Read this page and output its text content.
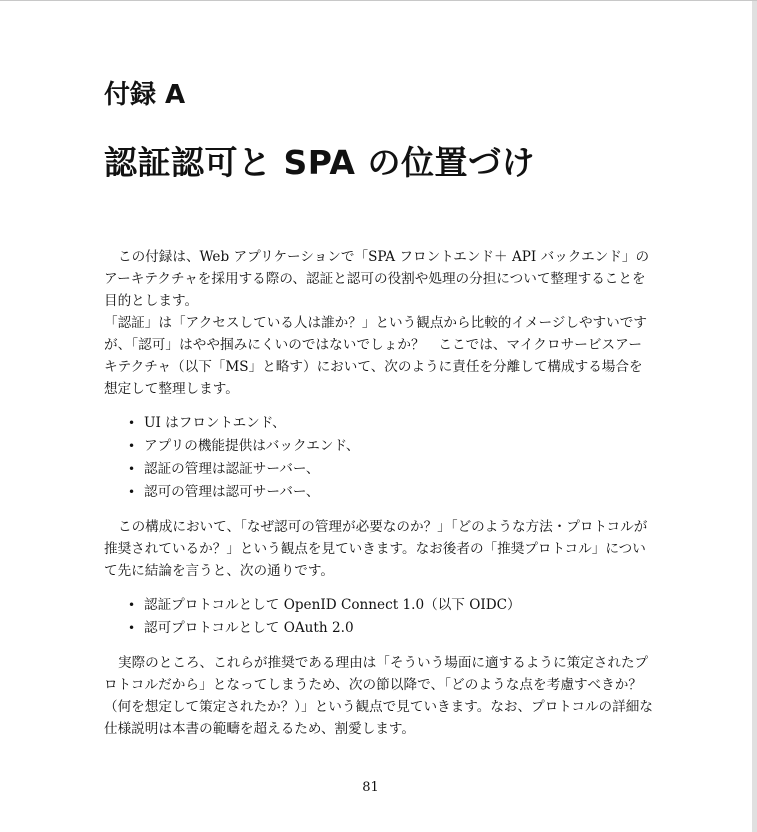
付録 A
認証認可と SPA の位置づけ
この付録は、Web アプリケーションで「SPA フロントエンド＋ API バックエンド」の
アーキテクチャを採用する際の、認証と認可の役割や処理の分担について整理することを
目的とします。
「認証」は「アクセスしている人は誰か？」という観点から比較的イメージしやすいです
が、「認可」はやや掴みにくいのではないでしょか？　ここでは、マイクロサービスアー
キテクチャ（以下「MS」と略す）において、次のように責任を分離して構成する場合を
想定して整理します。
• UI はフロントエンド、
• アプリの機能提供はバックエンド、
• 認証の管理は認証サーバー、
• 認可の管理は認可サーバー、
この構成において、「なぜ認可の管理が必要なのか？」「どのような方法・プロトコルが
推奨されているか？」という観点を見ていきます。なお後者の「推奨プロトコル」につい
て先に結論を言うと、次の通りです。
• 認証プロトコルとして OpenID Connect 1.0（以下 OIDC）
• 認可プロトコルとして OAuth 2.0
実際のところ、これらが推奨である理由は「そういう場面に適するように策定されたプ
ロトコルだから」となってしまうため、次の節以降で、「どのような点を考慮すべきか？
（何を想定して策定されたか？）」という観点で見ていきます。なお、プロトコルの詳細な
仕様説明は本書の範疇を超えるため、割愛します。
81
